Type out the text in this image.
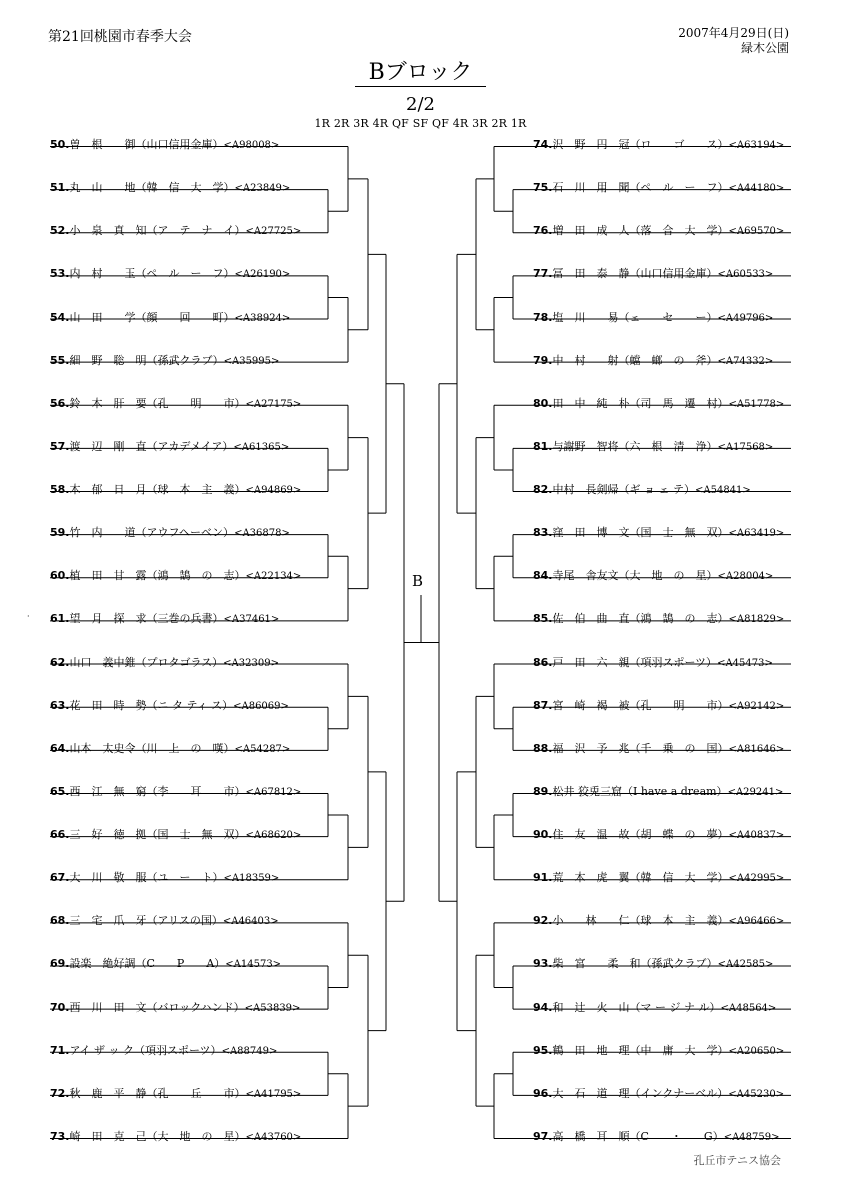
第21回桃園市春季大会	2007年4月29日(日)
緑木公園
Bブロック
2/2
1R 2R 3R 4R QF SF QF 4R 3R 2R 1R
50.曽　根　　御（山口信用金庫）<A98008>
51.丸　山　　地（韓　信　大　学）<A23849>
52.小　泉　真　知（ア　テ　ナ　イ）<A27725>
53.内　村　　玉（ペ　ル　ー　フ）<A26190>
54.山　田　　学（顔　　回　　町）<A38924>
55.細　野　聡　明（孫武クラブ）<A35995>
56.鈴　木　肝　要（孔　　明　　市）<A27175>
57.渡　辺　剛　直（アカデメイア）<A61365>
58.木　郁　日　月（球　本　主　義）<A94869>
59.竹　内　　道（アウフヘーベン）<A36878>
60.植　田　甘　露（鴻　鵠　の　志）<A22134>
61.望　月　探　求（三巻の兵書）<A37461>
62.山口　義中錐（プロタゴラス）<A32309>
63.花　田　時　勢（ニ タ ティ ス）<A86069>
64.山本　太史令（川　上　の　嘆）<A54287>
65.西　江　無　窮（李　　耳　　市）<A67812>
66.三　好　徳　拠（国　士　無　双）<A68620>
67.大　川　敬　服（ユ　ー　ト）<A18359>
68.三　宅　爪　牙（アリスの国）<A46403>
69.設楽　絶好調（C　　P　　A）<A14573>
70.西　川　田　文（バロックハンド）<A53839>
71.アイ ザ ッ ク（項羽スポーツ）<A88749>
72.秋　鹿　平　静（孔　　丘　　市）<A41795>
73.崎　田　克　己（大　地　の　星）<A43760>
74.沢　野　円　冠（ロ　　ゴ　　ス）<A63194>
75.石　川　用　聞（ペ　ル　ー　フ）<A44180>
76.増　田　成　人（落　合　大　学）<A69570>
77.冨　田　泰　静（山口信用金庫）<A60533>
78.塩　川　　易（ェ　　セ　　ー）<A49796>
79.中　村　　射（蟷　螂　の　斧）<A74332>
80.田　中　純　朴（司　馬　遷　村）<A51778>
81.与謝野　智将（六　根　清　浄）<A17568>
82.中村　長剣帰（ギ ョ ェ テ）<A54841>
83.窪　田　博　文（国　士　無　双）<A63419>
84.寺尾　舎友文（大　地　の　星）<A28004>
85.佐　伯　曲　直（鴻　鵠　の　志）<A81829>
86.戸　田　六　親（項羽スポーツ）<A45473>
87.宮　崎　褐　被（孔　　明　　市）<A92142>
88.福　沢　予　兆（千　乗　の　国）<A81646>
89.松井 狡兎三窟（I have a dream）<A29241>
90.住　友　温　故（胡　蝶　の　夢）<A40837>
91.荒　木　虎　翼（韓　信　大　学）<A42995>
92.小　　林　　仁（球　本　主　義）<A96466>
93.柴　宮　　柔　和（孫武クラブ）<A42585>
94.和　辻　火　山（マ ー ジ ナ ル）<A48564>
95.鶴　田　地　理（中　庸　大　学）<A20650>
96.大　石　道　理（インクナーベル）<A45230>
97.高　橋　耳　順（C　　・　　G）<A48759>
B
·
孔丘市テニス協会
